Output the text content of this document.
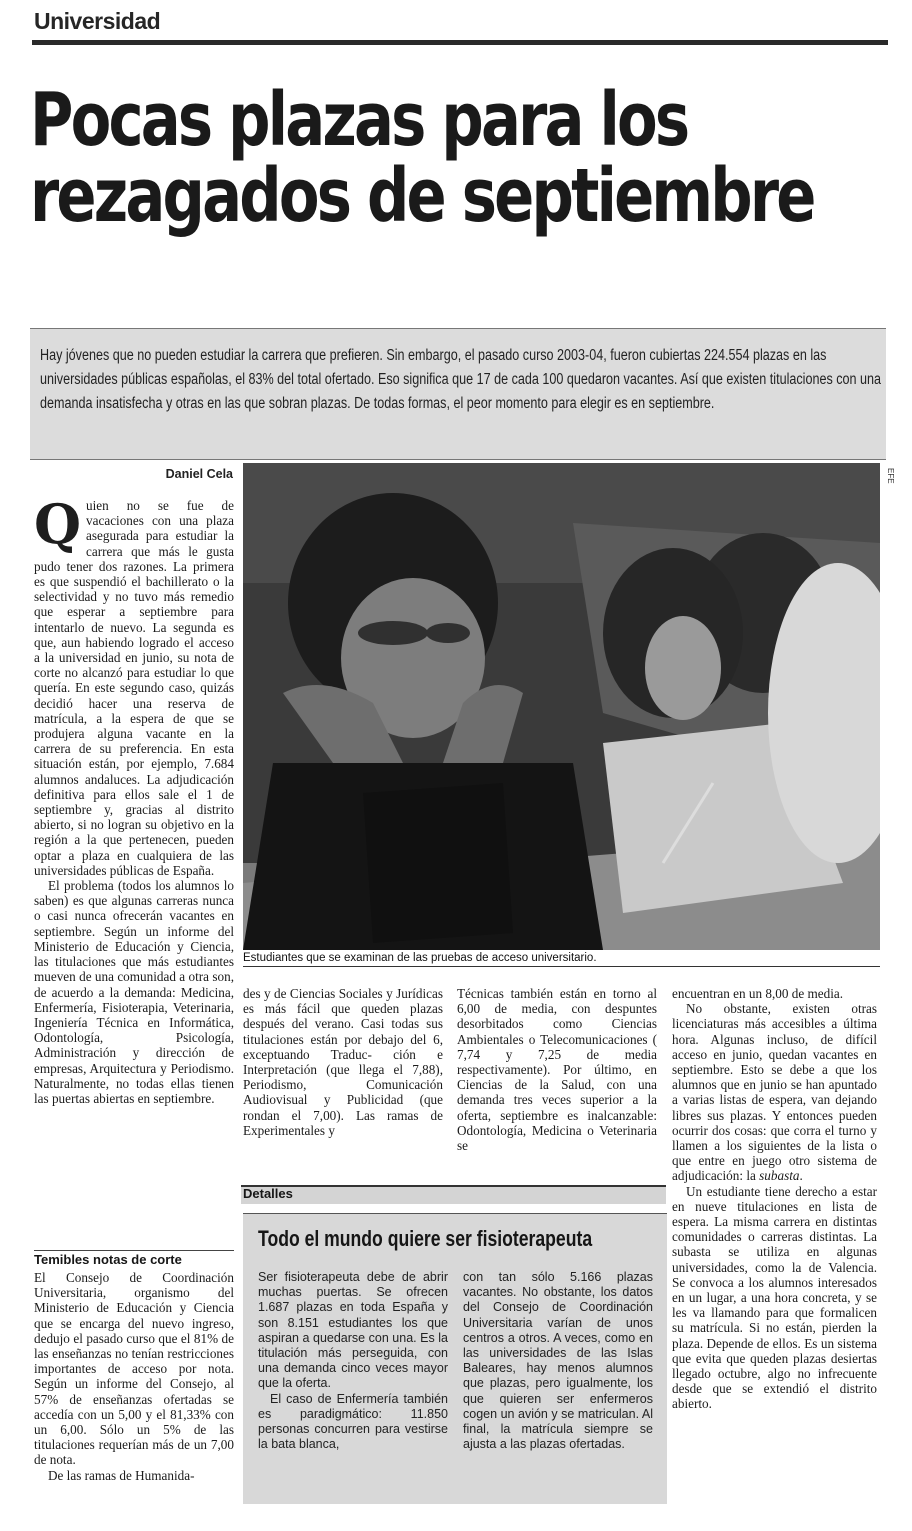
Universidad
Pocas plazas para los
rezagados de septiembre
Hay jóvenes que no pueden estudiar la carrera que prefieren. Sin embargo, el pasado curso 2003-04, fueron cubiertas 224.554 plazas en las universidades públicas españolas, el 83% del total ofertado. Eso significa que 17 de cada 100 quedaron vacantes. Así que existen titulaciones con una demanda insatisfecha y otras en las que sobran plazas. De todas formas, el peor momento para elegir es en septiembre.
Daniel Cela	EFE

Quien no se fue de vacaciones con una plaza asegurada para estudiar la carrera que más le gusta pudo tener dos razones. La primera es que suspendió el bachillerato o la selectividad y no tuvo más remedio que esperar a septiembre para intentarlo de nuevo. La segunda es que, aun habiendo logrado el acceso a la universidad en junio, su nota de corte no alcanzó para estudiar lo que quería. En este segundo caso, quizás decidió hacer una reserva de matrícula, a la espera de que se produjera alguna vacante en la carrera de su preferencia. En esta situación están, por ejemplo, 7.684 alumnos andaluces. La adjudicación definitiva para ellos sale el 1 de septiembre y, gracias al distrito abierto, si no logran su objetivo en la región a la que pertenecen, pueden optar a plaza en cualquiera de las universidades públicas de España.

El problema (todos los alumnos lo saben) es que algunas carreras nunca o casi nunca ofrecerán vacantes en septiembre. Según un informe del Ministerio de Educación y Ciencia, las titulaciones que más estudiantes mueven de una comunidad a otra son, de acuerdo a la demanda: Medicina, Enfermería, Fisioterapia, Veterinaria, Ingeniería Técnica en Informática, Odontología, Psicología, Administración y dirección de empresas, Arquitectura y Periodismo. Naturalmente, no todas ellas tienen las puertas abiertas en septiembre.

Temibles notas de corte

El Consejo de Coordinación Universitaria, organismo del Ministerio de Educación y Ciencia que se encarga del nuevo ingreso, dedujo el pasado curso que el 81% de las enseñanzas no tenían restricciones importantes de acceso por nota. Según un informe del Consejo, al 57% de enseñanzas ofertadas se accedía con un 5,00 y el 81,33% con un 6,00. Sólo un 5% de las titulaciones requerían más de un 7,00 de nota.

De las ramas de Humanida-

Estudiantes que se examinan de las pruebas de acceso universitario.

des y de Ciencias Sociales y Jurídicas es más fácil que queden plazas después del verano. Casi todas sus titulaciones están por debajo del 6, exceptuando Traduc- ción e Interpretación (que llega el 7,88), Periodismo, Comunicación Audiovisual y Publicidad (que rondan el 7,00). Las ramas de Experimentales y

Técnicas también están en torno al 6,00 de media, con despuntes desorbitados como Ciencias Ambientales o Telecomunicaciones ( 7,74 y 7,25 de media respectivamente). Por último, en Ciencias de la Salud, con una demanda tres veces superior a la oferta, septiembre es inalcanzable: Odontología, Medicina o Veterinaria se

encuentran en un 8,00 de media.

No obstante, existen otras licenciaturas más accesibles a última hora. Algunas incluso, de difícil acceso en junio, quedan vacantes en septiembre. Esto se debe a que los alumnos que en junio se han apuntado a varias listas de espera, van dejando libres sus plazas. Y entonces pueden ocurrir dos cosas: que corra el turno y llamen a los siguientes de la lista o que entre en juego otro sistema de adjudicación: la subasta.

Un estudiante tiene derecho a estar en nueve titulaciones en lista de espera. La misma carrera en distintas comunidades o carreras distintas. La subasta se utiliza en algunas universidades, como la de Valencia. Se convoca a los alumnos interesados en un lugar, a una hora concreta, y se les va llamando para que formalicen su matrícula. Si no están, pierden la plaza. Depende de ellos. Es un sistema que evita que queden plazas desiertas llegado octubre, algo no infrecuente desde que se extendió el distrito abierto.

Detalles
Todo el mundo quiere ser fisioterapeuta

Ser fisioterapeuta debe de abrir muchas puertas. Se ofrecen 1.687 plazas en toda España y son 8.151 estudiantes los que aspiran a quedarse con una. Es la titulación más perseguida, con una demanda cinco veces mayor que la oferta.

El caso de Enfermería también es paradigmático: 11.850 personas concurren para vestirse la bata blanca,

con tan sólo 5.166 plazas vacantes. No obstante, los datos del Consejo de Coordinación Universitaria varían de unos centros a otros. A veces, como en las universidades de las Islas Baleares, hay menos alumnos que plazas, pero igualmente, los que quieren ser enfermeros cogen un avión y se matriculan. Al final, la matrícula siempre se ajusta a las plazas ofertadas.
